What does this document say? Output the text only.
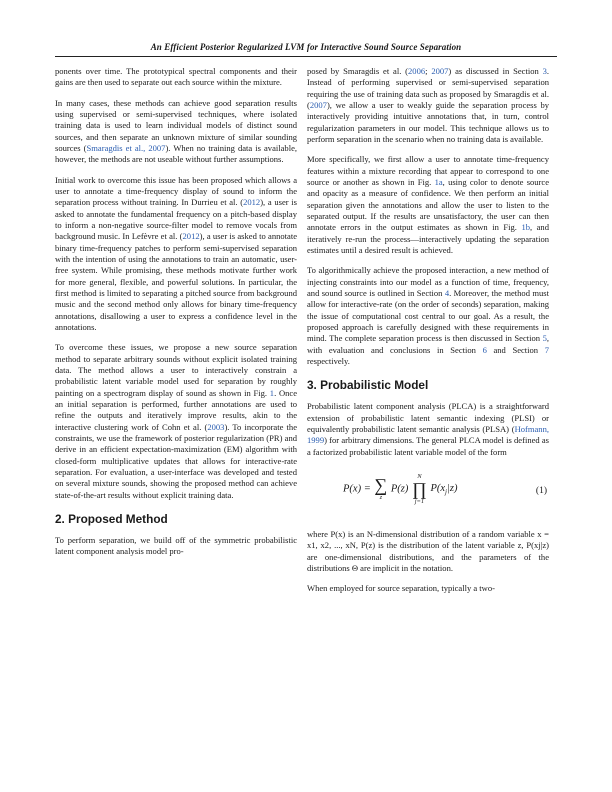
An Efficient Posterior Regularized LVM for Interactive Sound Source Separation

ponents over time. The prototypical spectral components and their gains are then used to separate out each source within the mixture.

In many cases, these methods can achieve good separation results using supervised or semi-supervised techniques, where isolated training data is used to learn individual models of distinct sound sources, and then separate an unknown mixture of similar sounding sources (Smaragdis et al., 2007). When no training data is available, however, the methods are not useable without further assumptions.

Initial work to overcome this issue has been proposed which allows a user to annotate a time-frequency display of sound to inform the separation process without training. In Durrieu et al. (2012), a user is asked to annotate the fundamental frequency on a pitch-based display to inform a non-negative source-filter model to remove vocals from background music. In Lefèvre et al. (2012), a user is asked to annotate binary time-frequency patches to perform semi-supervised separation with the intention of using the annotations to train an automatic, user-free system. While promising, these methods motivate further work for more general, flexible, and powerful solutions. In particular, the first method is limited to separating a pitched source from background music and the second method only allows for binary time-frequency annotations, disallowing a user to express a confidence level in the annotations.

To overcome these issues, we propose a new source separation method to separate arbitrary sounds without explicit isolated training data. The method allows a user to interactively constrain a probabilistic latent variable model used for separation by roughly painting on a spectrogram display of sound as shown in Fig. 1. Once an initial separation is performed, further annotations are used to refine the outputs and iteratively improve results, akin to the interactive clustering work of Cohn et al. (2003). To incorporate the constraints, we use the framework of posterior regularization (PR) and derive in an efficient expectation-maximization (EM) algorithm with closed-form multiplicative updates that allows for interactive-rate separation. For evaluation, a user-interface was developed and tested on several mixture sounds, showing the proposed method can achieve state-of-the-art results without explicit training data.

2. Proposed Method

To perform separation, we build off of the symmetric probabilistic latent component analysis model pro-

posed by Smaragdis et al. (2006; 2007) as discussed in Section 3. Instead of performing supervised or semi-supervised separation requiring the use of training data such as proposed by Smaragdis et al. (2007), we allow a user to weakly guide the separation process by interactively providing intuitive annotations that, in turn, control regularization parameters in our model. This technique allows us to perform separation in the scenario when no training data is available.

More specifically, we first allow a user to annotate time-frequency features within a mixture recording that appear to correspond to one source or another as shown in Fig. 1a, using color to denote source and opacity as a measure of confidence. We then perform an initial separation given the annotations and allow the user to listen to the separated output. If the results are unsatisfactory, the user can then annotate errors in the output estimates as shown in Fig. 1b, and iteratively re-run the process—interactively updating the separation estimates until a desired result is achieved.

To algorithmically achieve the proposed interaction, a new method of injecting constraints into our model as a function of time, frequency, and sound source is outlined in Section 4. Moreover, the method must allow for interactive-rate (on the order of seconds) separation, making the issue of computational cost central to our goal. As a result, the proposed approach is carefully designed with these requirements in mind. The complete separation process is then discussed in Section 5, with evaluation and conclusions in Section 6 and Section 7 respectively.

3. Probabilistic Model

Probabilistic latent component analysis (PLCA) is a straightforward extension of probabilistic latent semantic indexing (PLSI) or equivalently probabilistic latent semantic analysis (PLSA) (Hofmann, 1999) for arbitrary dimensions. The general PLCA model is defined as a factorized probabilistic latent variable model of the form

P(x) = ∑
z
P(z)
N
∏
j=1
$P(x_j|z)$	(1)

where P(x) is an N-dimensional distribution of a random variable x = x1, x2, ..., xN, P(z) is the distribution of the latent variable z, P(xj|z) are one-dimensional distributions, and the parameters of the distributions Θ are implicit in the notation.

When employed for source separation, typically a two-
